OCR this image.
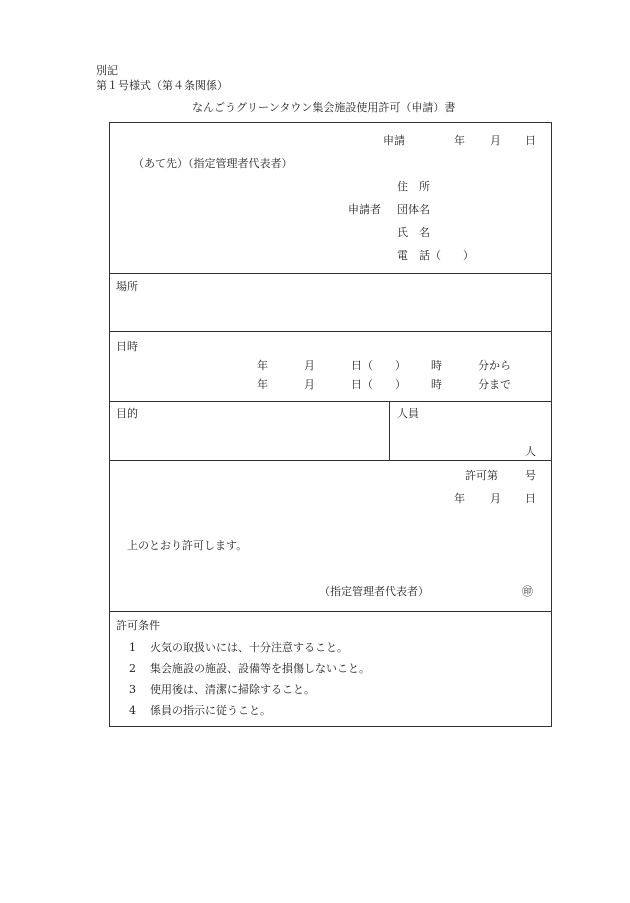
別記
第１号様式（第４条関係）
なんごうグリーンタウン集会施設使用許可（申請）書
申請	年 月 日
（あて先）（指定管理者代表者）
住　所
申請者 団体名
氏　名
電　話（　　）
場所
日時
年	月	日（　　） 時	分から
年	月	日（　　） 時	分まで
目的	人員
人
許可第 号
年 月 日
上のとおり許可します。
（指定管理者代表者）	㊞
許可条件
1 火気の取扱いには、十分注意すること。
2 集会施設の施設、設備等を損傷しないこと。
3 使用後は、清潔に掃除すること。
4 係員の指示に従うこと。
